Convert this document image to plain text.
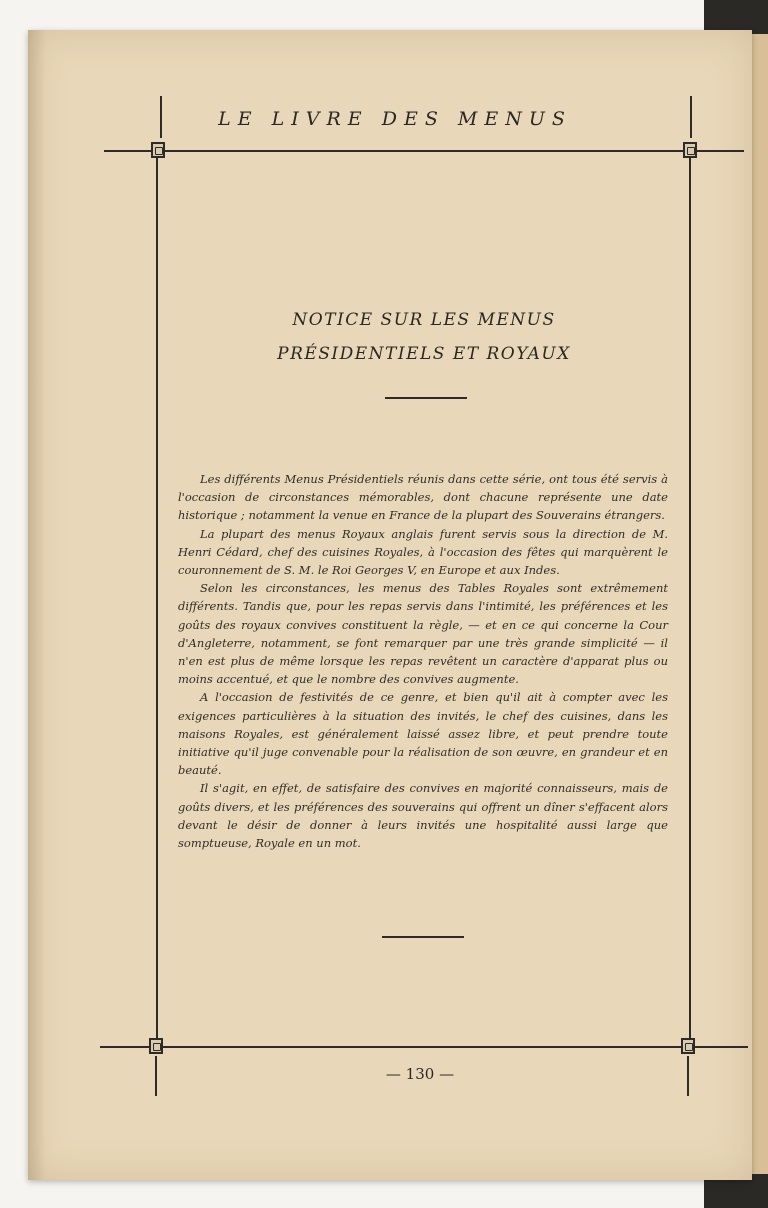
LE LIVRE DES MENUS
NOTICE SUR LES MENUS
PRÉSIDENTIELS ET ROYAUX

Les différents Menus Présidentiels réunis dans cette série, ont tous été servis à l'occasion de circonstances mémorables, dont chacune représente une date historique ; notamment la venue en France de la plupart des Souverains étrangers.

La plupart des menus Royaux anglais furent servis sous la direction de M. Henri Cédard, chef des cuisines Royales, à l'occasion des fêtes qui marquèrent le couronnement de S. M. le Roi Georges V, en Europe et aux Indes.

Selon les circonstances, les menus des Tables Royales sont extrêmement différents. Tandis que, pour les repas servis dans l'intimité, les préférences et les goûts des royaux convives constituent la règle, — et en ce qui concerne la Cour d'Angleterre, notamment, se font remarquer par une très grande simplicité — il n'en est plus de même lorsque les repas revêtent un caractère d'apparat plus ou moins accentué, et que le nombre des convives augmente.

A l'occasion de festivités de ce genre, et bien qu'il ait à compter avec les exigences particulières à la situation des invités, le chef des cuisines, dans les maisons Royales, est généralement laissé assez libre, et peut prendre toute initiative qu'il juge convenable pour la réalisation de son œuvre, en grandeur et en beauté.

Il s'agit, en effet, de satisfaire des convives en majorité connaisseurs, mais de goûts divers, et les préférences des souverains qui offrent un dîner s'effacent alors devant le désir de donner à leurs invités une hospitalité aussi large que somptueuse, Royale en un mot.

— 130 —
